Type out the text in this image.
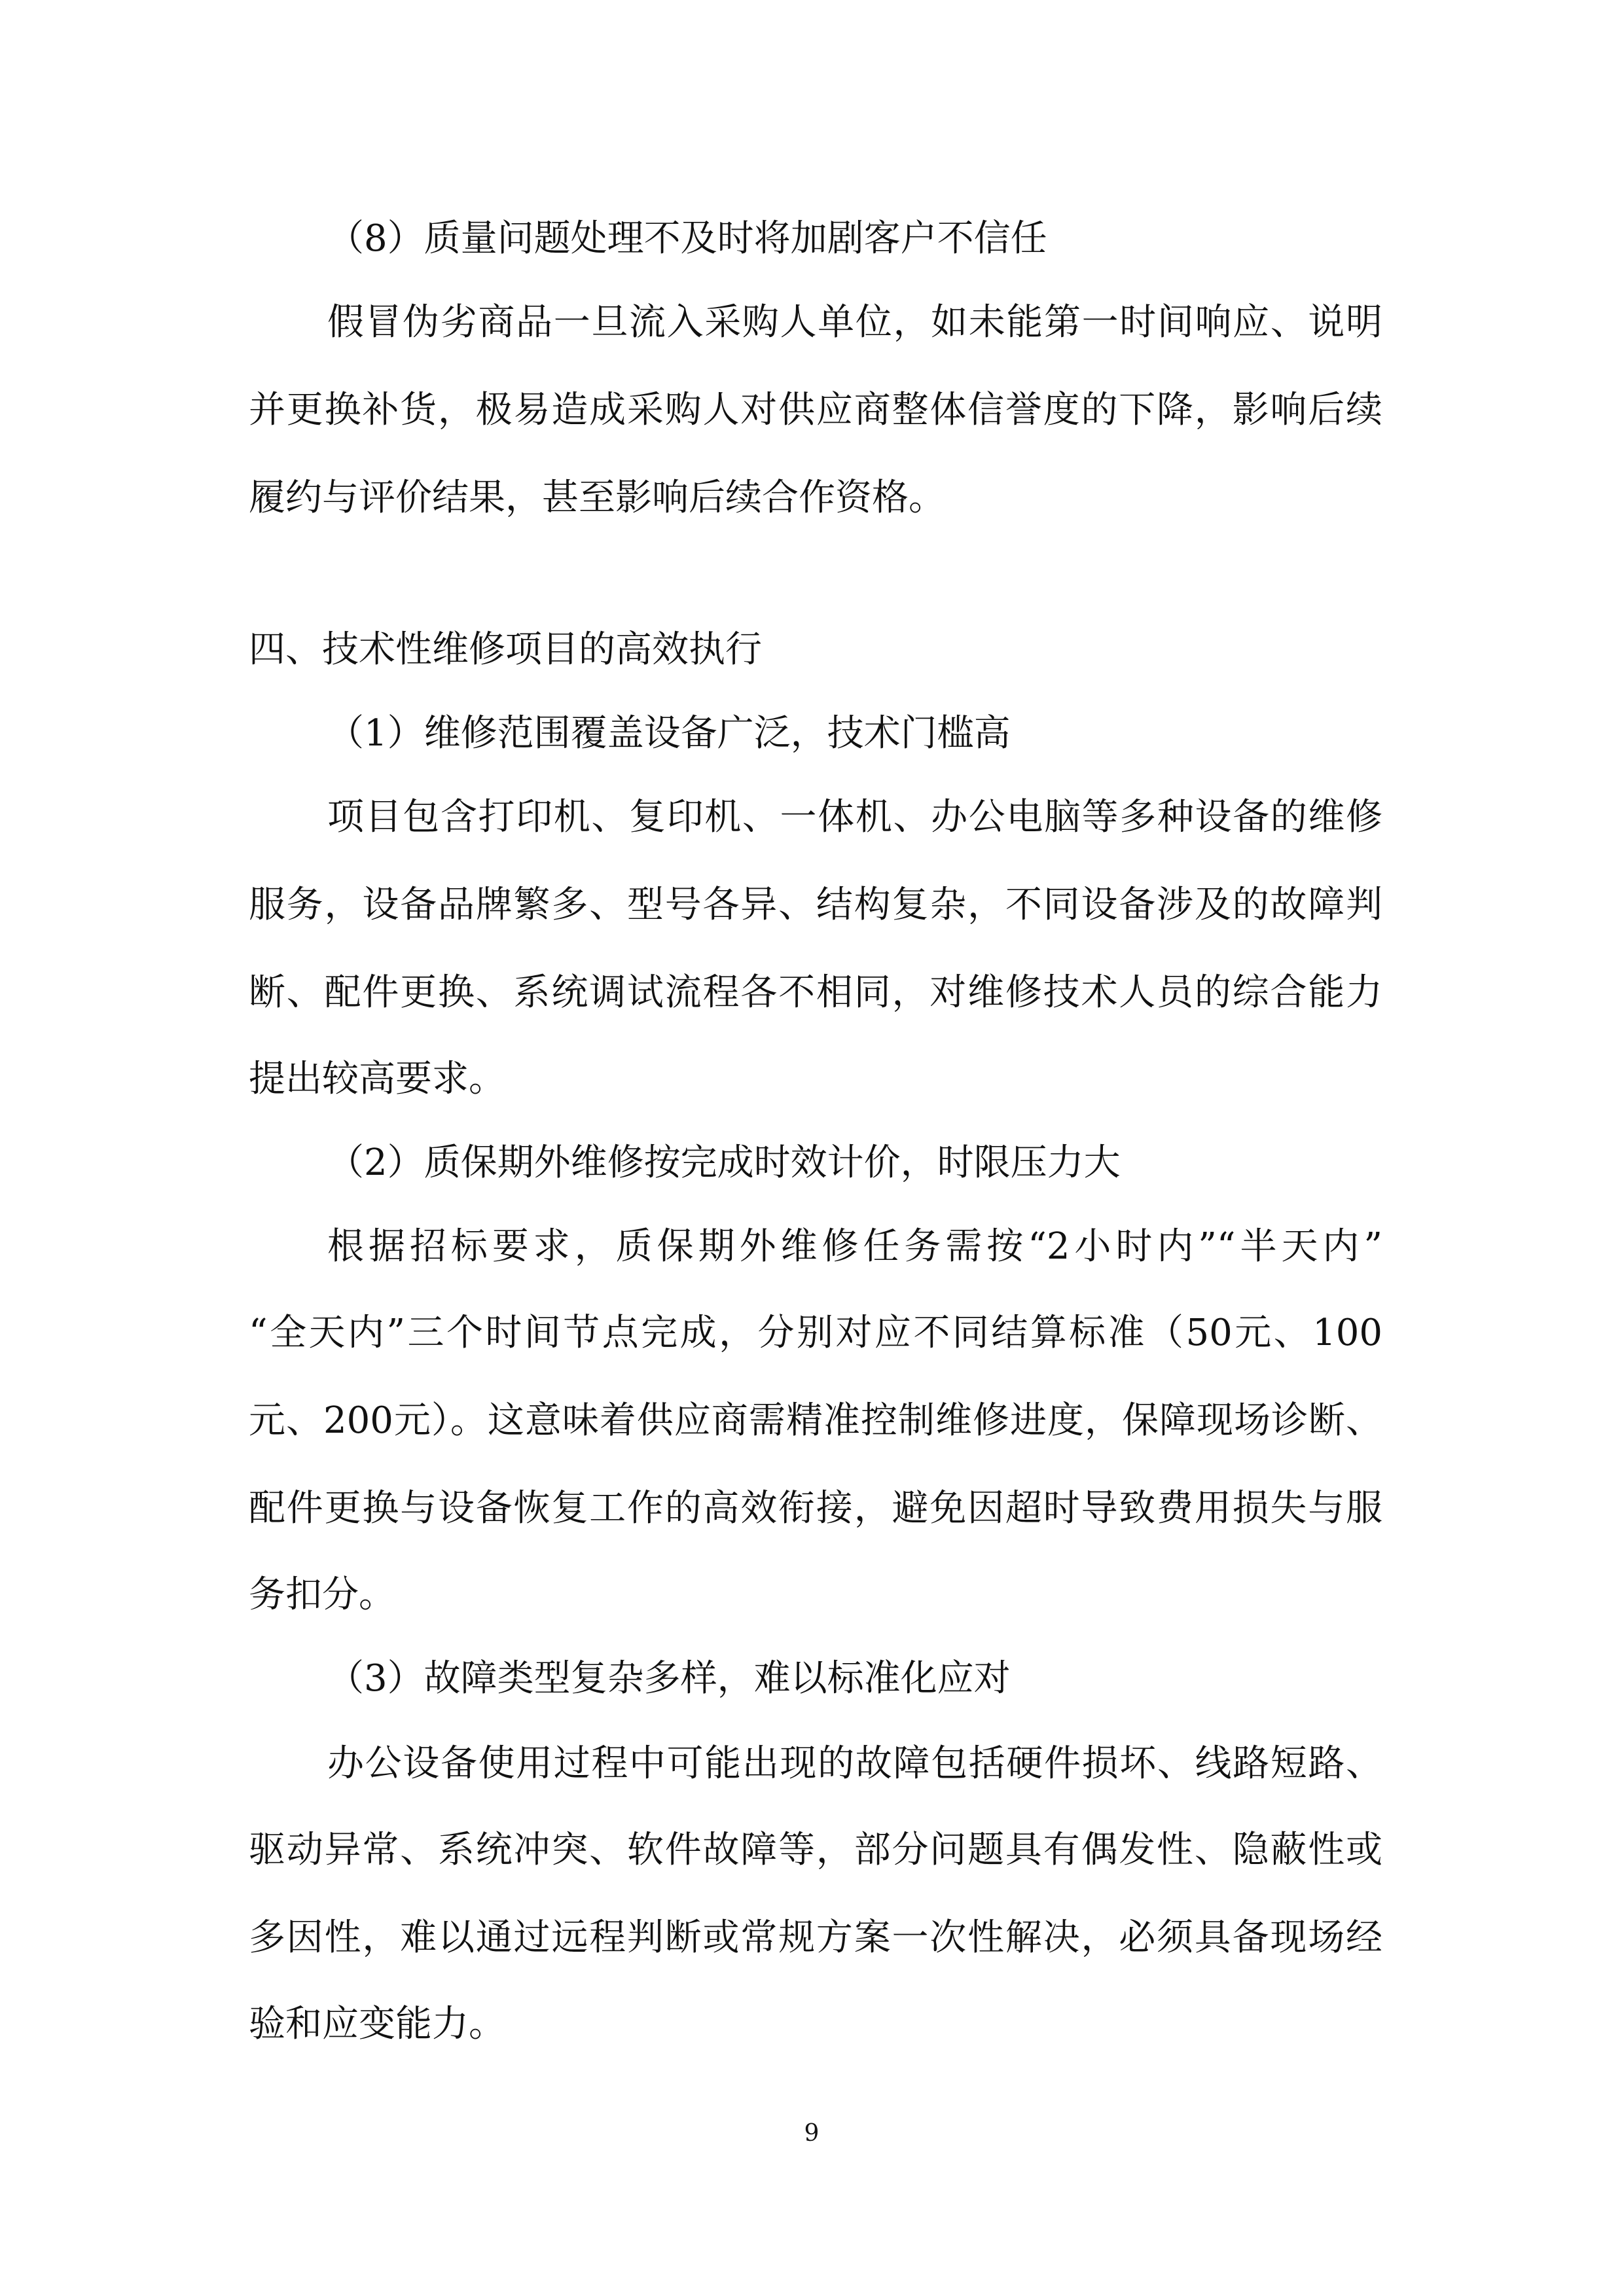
（8）质量问题处理不及时将加剧客户不信任

假冒伪劣商品一旦流入采购人单位，如未能第一时间响应、说明

并更换补货，极易造成采购人对供应商整体信誉度的下降，影响后续

履约与评价结果，甚至影响后续合作资格。

四、技术性维修项目的高效执行

（1）维修范围覆盖设备广泛，技术门槛高

项目包含打印机、复印机、一体机、办公电脑等多种设备的维修

服务，设备品牌繁多、型号各异、结构复杂，不同设备涉及的故障判

断、配件更换、系统调试流程各不相同，对维修技术人员的综合能力

提出较高要求。

（2）质保期外维修按完成时效计价，时限压力大

根据招标要求，质保期外维修任务需按“2小时内”“半天内”

“全天内”三个时间节点完成，分别对应不同结算标准（50元、100

元、200元）。这意味着供应商需精准控制维修进度，保障现场诊断、

配件更换与设备恢复工作的高效衔接，避免因超时导致费用损失与服

务扣分。

（3）故障类型复杂多样，难以标准化应对

办公设备使用过程中可能出现的故障包括硬件损坏、线路短路、

驱动异常、系统冲突、软件故障等，部分问题具有偶发性、隐蔽性或

多因性，难以通过远程判断或常规方案一次性解决，必须具备现场经

验和应变能力。

9
